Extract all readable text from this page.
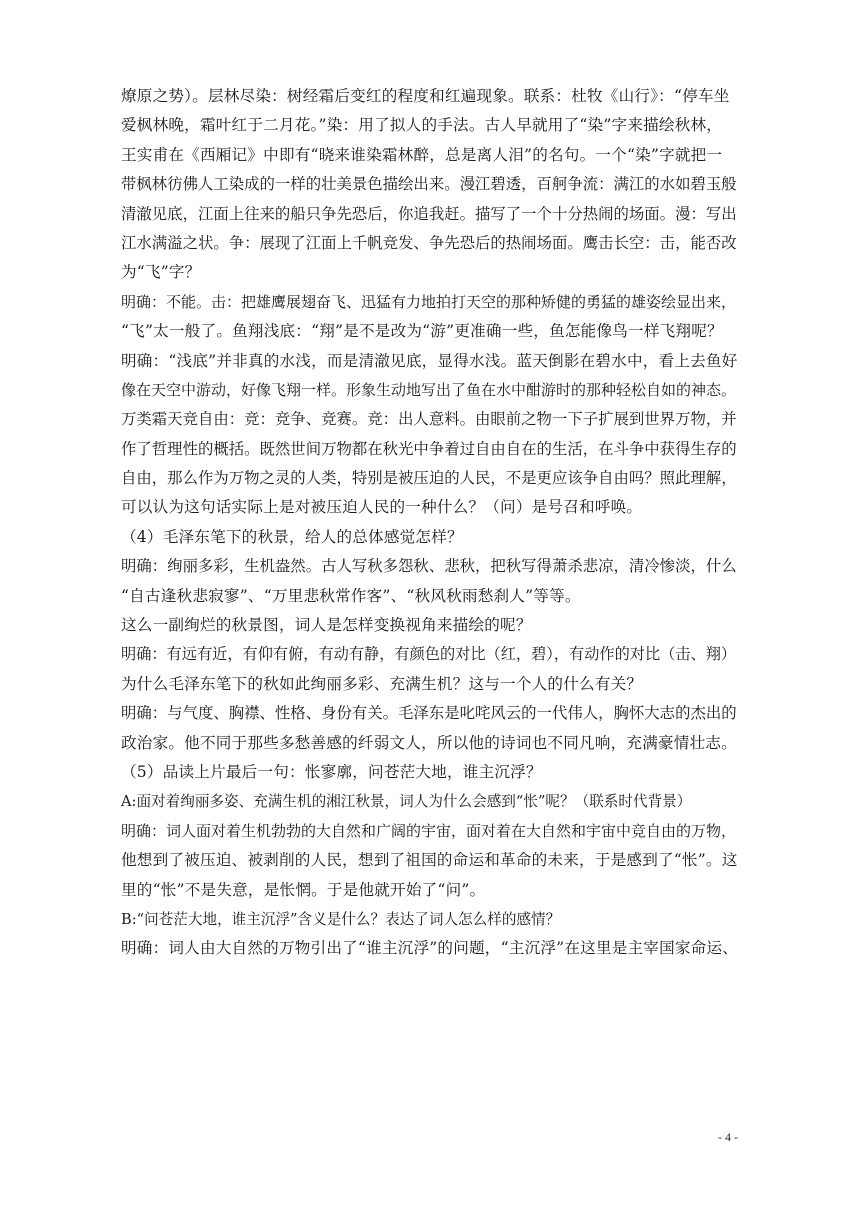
燎原之势）。层林尽染：树经霜后变红的程度和红遍现象。联系：杜牧《山行》：“停车坐
爱枫林晚，霜叶红于二月花。”染：用了拟人的手法。古人早就用了“染”字来描绘秋林，
王实甫在《西厢记》中即有“晓来谁染霜林醉，总是离人泪”的名句。一个“染”字就把一
带枫林彷佛人工染成的一样的壮美景色描绘出来。漫江碧透，百舸争流：满江的水如碧玉般
清澈见底，江面上往来的船只争先恐后，你追我赶。描写了一个十分热闹的场面。漫：写出
江水满溢之状。争：展现了江面上千帆竞发、争先恐后的热闹场面。鹰击长空：击，能否改
为“飞”字？
明确：不能。击：把雄鹰展翅奋飞、迅猛有力地拍打天空的那种矫健的勇猛的雄姿绘显出来，
“飞”太一般了。鱼翔浅底：“翔”是不是改为“游”更准确一些，鱼怎能像鸟一样飞翔呢？
明确：“浅底”并非真的水浅，而是清澈见底，显得水浅。蓝天倒影在碧水中，看上去鱼好
像在天空中游动，好像飞翔一样。形象生动地写出了鱼在水中酣游时的那种轻松自如的神态。
万类霜天竞自由：竞：竞争、竞赛。竞：出人意料。由眼前之物一下子扩展到世界万物，并
作了哲理性的概括。既然世间万物都在秋光中争着过自由自在的生活，在斗争中获得生存的
自由，那么作为万物之灵的人类，特别是被压迫的人民，不是更应该争自由吗？照此理解，
可以认为这句话实际上是对被压迫人民的一种什么？（问）是号召和呼唤。
（4）毛泽东笔下的秋景，给人的总体感觉怎样？
明确：绚丽多彩，生机盎然。古人写秋多怨秋、悲秋，把秋写得萧杀悲凉，清冷惨淡，什么
“自古逢秋悲寂寥”、“万里悲秋常作客”、“秋风秋雨愁刹人”等等。
这么一副绚烂的秋景图，词人是怎样变换视角来描绘的呢？
明确：有远有近，有仰有俯，有动有静，有颜色的对比（红，碧），有动作的对比（击、翔）
为什么毛泽东笔下的秋如此绚丽多彩、充满生机？这与一个人的什么有关？
明确：与气度、胸襟、性格、身份有关。毛泽东是叱咤风云的一代伟人，胸怀大志的杰出的
政治家。他不同于那些多愁善感的纤弱文人，所以他的诗词也不同凡响，充满豪情壮志。
（5）品读上片最后一句：怅寥廓，问苍茫大地，谁主沉浮？
A:面对着绚丽多姿、充满生机的湘江秋景，词人为什么会感到“怅”呢？（联系时代背景）
明确：词人面对着生机勃勃的大自然和广阔的宇宙，面对着在大自然和宇宙中竞自由的万物，
他想到了被压迫、被剥削的人民，想到了祖国的命运和革命的未来，于是感到了“怅”。这
里的“怅”不是失意，是怅惘。于是他就开始了“问”。
B:“问苍茫大地，谁主沉浮”含义是什么？表达了词人怎么样的感情？
明确：词人由大自然的万物引出了“谁主沉浮”的问题，“主沉浮”在这里是主宰国家命运、
- 4 -
